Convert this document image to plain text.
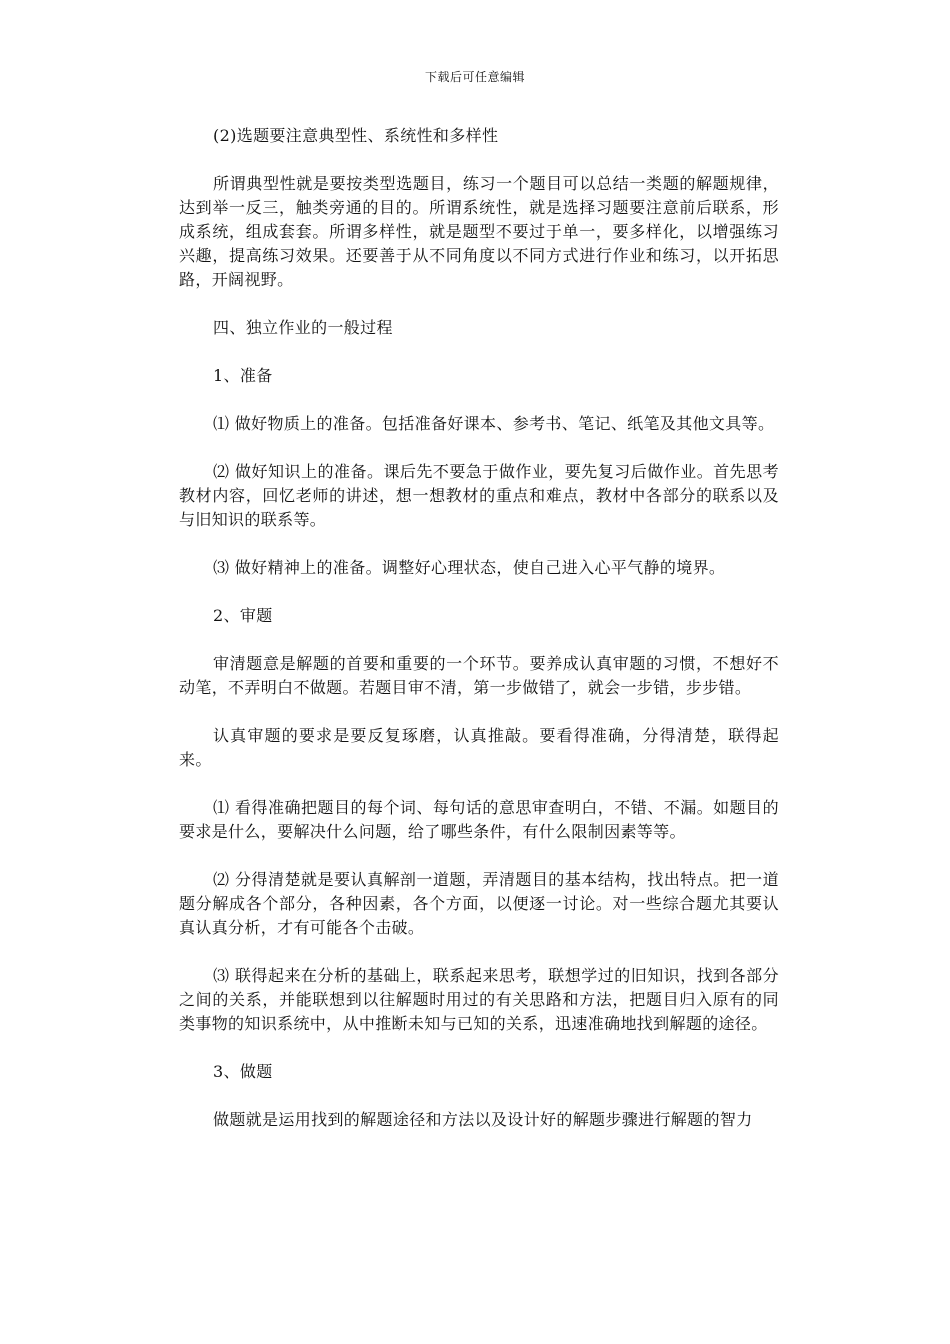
下载后可任意编辑

(2)选题要注意典型性、系统性和多样性

所谓典型性就是要按类型选题目，练习一个题目可以总结一类题的解题规律，达到举一反三，触类旁通的目的。所谓系统性，就是选择习题要注意前后联系，形成系统，组成套套。所谓多样性，就是题型不要过于单一，要多样化，以增强练习兴趣，提高练习效果。还要善于从不同角度以不同方式进行作业和练习，以开拓思路，开阔视野。

四、独立作业的一般过程

1、准备

⑴ 做好物质上的准备。包括准备好课本、参考书、笔记、纸笔及其他文具等。

⑵ 做好知识上的准备。课后先不要急于做作业，要先复习后做作业。首先思考教材内容，回忆老师的讲述，想一想教材的重点和难点，教材中各部分的联系以及与旧知识的联系等。

⑶ 做好精神上的准备。调整好心理状态，使自己进入心平气静的境界。

2、审题

审清题意是解题的首要和重要的一个环节。要养成认真审题的习惯，不想好不动笔，不弄明白不做题。若题目审不清，第一步做错了，就会一步错，步步错。

认真审题的要求是要反复琢磨，认真推敲。要看得准确，分得清楚，联得起来。

⑴ 看得准确把题目的每个词、每句话的意思审查明白，不错、不漏。如题目的要求是什么，要解决什么问题，给了哪些条件，有什么限制因素等等。

⑵ 分得清楚就是要认真解剖一道题，弄清题目的基本结构，找出特点。把一道题分解成各个部分，各种因素，各个方面，以便逐一讨论。对一些综合题尤其要认真认真分析，才有可能各个击破。

⑶ 联得起来在分析的基础上，联系起来思考，联想学过的旧知识，找到各部分之间的关系，并能联想到以往解题时用过的有关思路和方法，把题目归入原有的同类事物的知识系统中，从中推断未知与已知的关系，迅速准确地找到解题的途径。

3、做题

做题就是运用找到的解题途径和方法以及设计好的解题步骤进行解题的智力
